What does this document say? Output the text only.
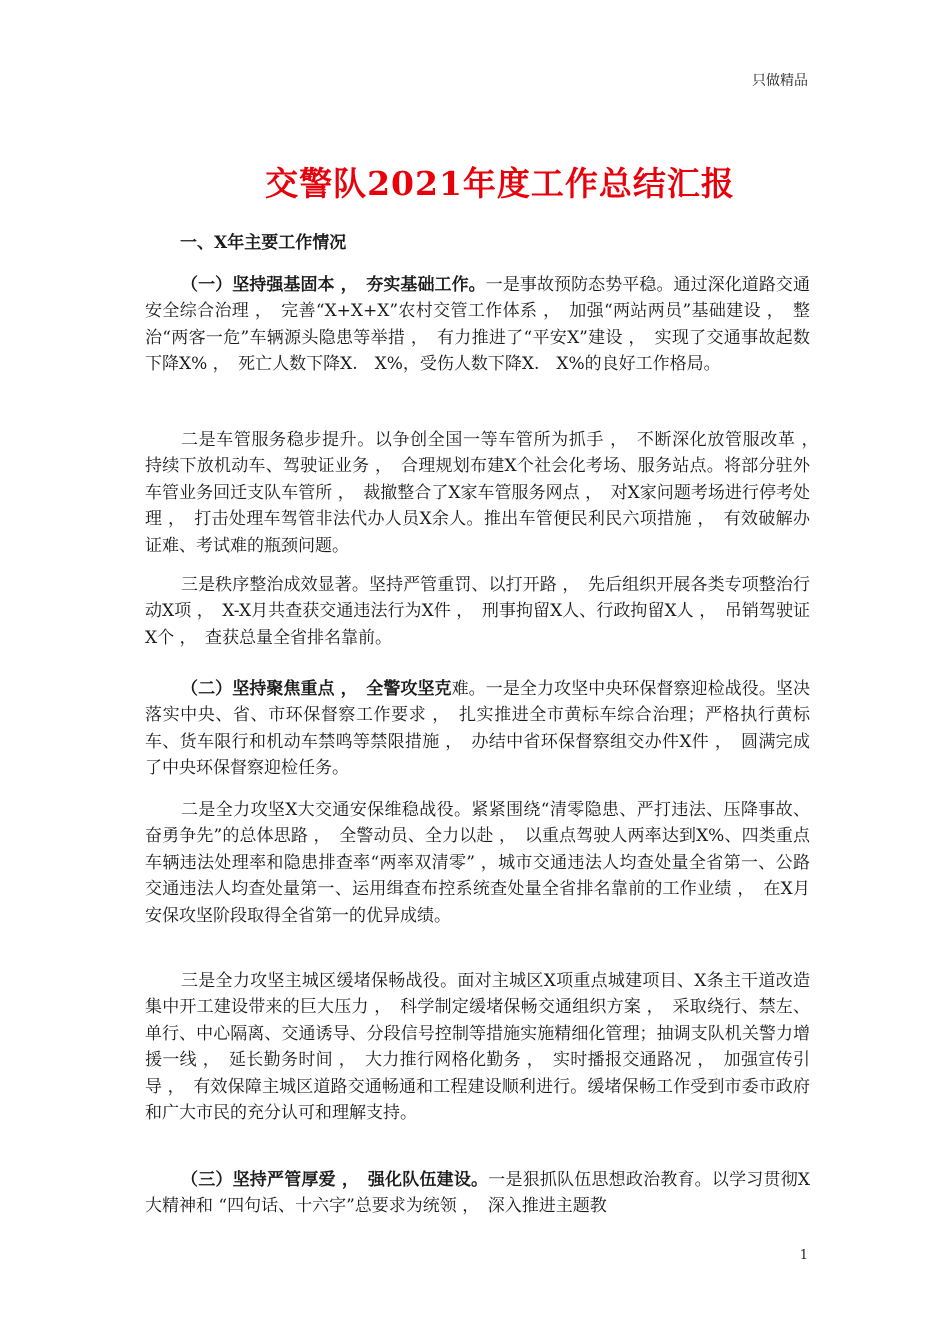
只做精品
交警队2021年度工作总结汇报
一、X年主要工作情况

（一）坚持强基固本 ，　夯实基础工作。一是事故预防态势平稳。通过深化道路交通安全综合治理 ，　完善“X+X+X”农村交管工作体系 ，　加强“两站两员”基础建设 ，　整治“两客一危”车辆源头隐患等举措 ，　有力推进了“平安X”建设 ，　实现了交通事故起数下降X% ，　死亡人数下降X.　X%，受伤人数下降X.　X%的良好工作格局。

二是车管服务稳步提升。以争创全国一等车管所为抓手 ，　不断深化放管服改革 ，　持续下放机动车、驾驶证业务 ，　合理规划布建X个社会化考场、服务站点。将部分驻外车管业务回迁支队车管所 ，　裁撤整合了X家车管服务网点 ，　对X家问题考场进行停考处理 ，　打击处理车驾管非法代办人员X余人。推出车管便民利民六项措施 ，　有效破解办证难、考试难的瓶颈问题。

三是秩序整治成效显著。坚持严管重罚、以打开路 ，　先后组织开展各类专项整治行动X项 ，　X-X月共查获交通违法行为X件 ，　刑事拘留X人、行政拘留X人 ，　吊销驾驶证X个 ，　查获总量全省排名靠前。

（二）坚持聚焦重点 ，　全警攻坚克难。一是全力攻坚中央环保督察迎检战役。坚决落实中央、省、市环保督察工作要求 ，　扎实推进全市黄标车综合治理；严格执行黄标车、货车限行和机动车禁鸣等禁限措施 ，　办结中省环保督察组交办件X件 ，　圆满完成了中央环保督察迎检任务。

二是全力攻坚X大交通安保维稳战役。紧紧围绕“清零隐患、严打违法、压降事故、奋勇争先”的总体思路 ，　全警动员、全力以赴 ，　以重点驾驶人两率达到X%、四类重点车辆违法处理率和隐患排查率“两率双清零” ，城市交通违法人均查处量全省第一、公路交通违法人均查处量第一、运用缉查布控系统查处量全省排名靠前的工作业绩 ，　在X月安保攻坚阶段取得全省第一的优异成绩。

三是全力攻坚主城区缓堵保畅战役。面对主城区X项重点城建项目、X条主干道改造集中开工建设带来的巨大压力 ，　科学制定缓堵保畅交通组织方案 ，　采取绕行、禁左、单行、中心隔离、交通诱导、分段信号控制等措施实施精细化管理；抽调支队机关警力增援一线 ，　延长勤务时间 ，　大力推行网格化勤务 ，　实时播报交通路况 ，　加强宣传引导 ，　有效保障主城区道路交通畅通和工程建设顺利进行。缓堵保畅工作受到市委市政府和广大市民的充分认可和理解支持。

（三）坚持严管厚爱 ，　强化队伍建设。一是狠抓队伍思想政治教育。以学习贯彻X大精神和 “四句话、十六字”总要求为统领 ，　深入推进主题教

1
